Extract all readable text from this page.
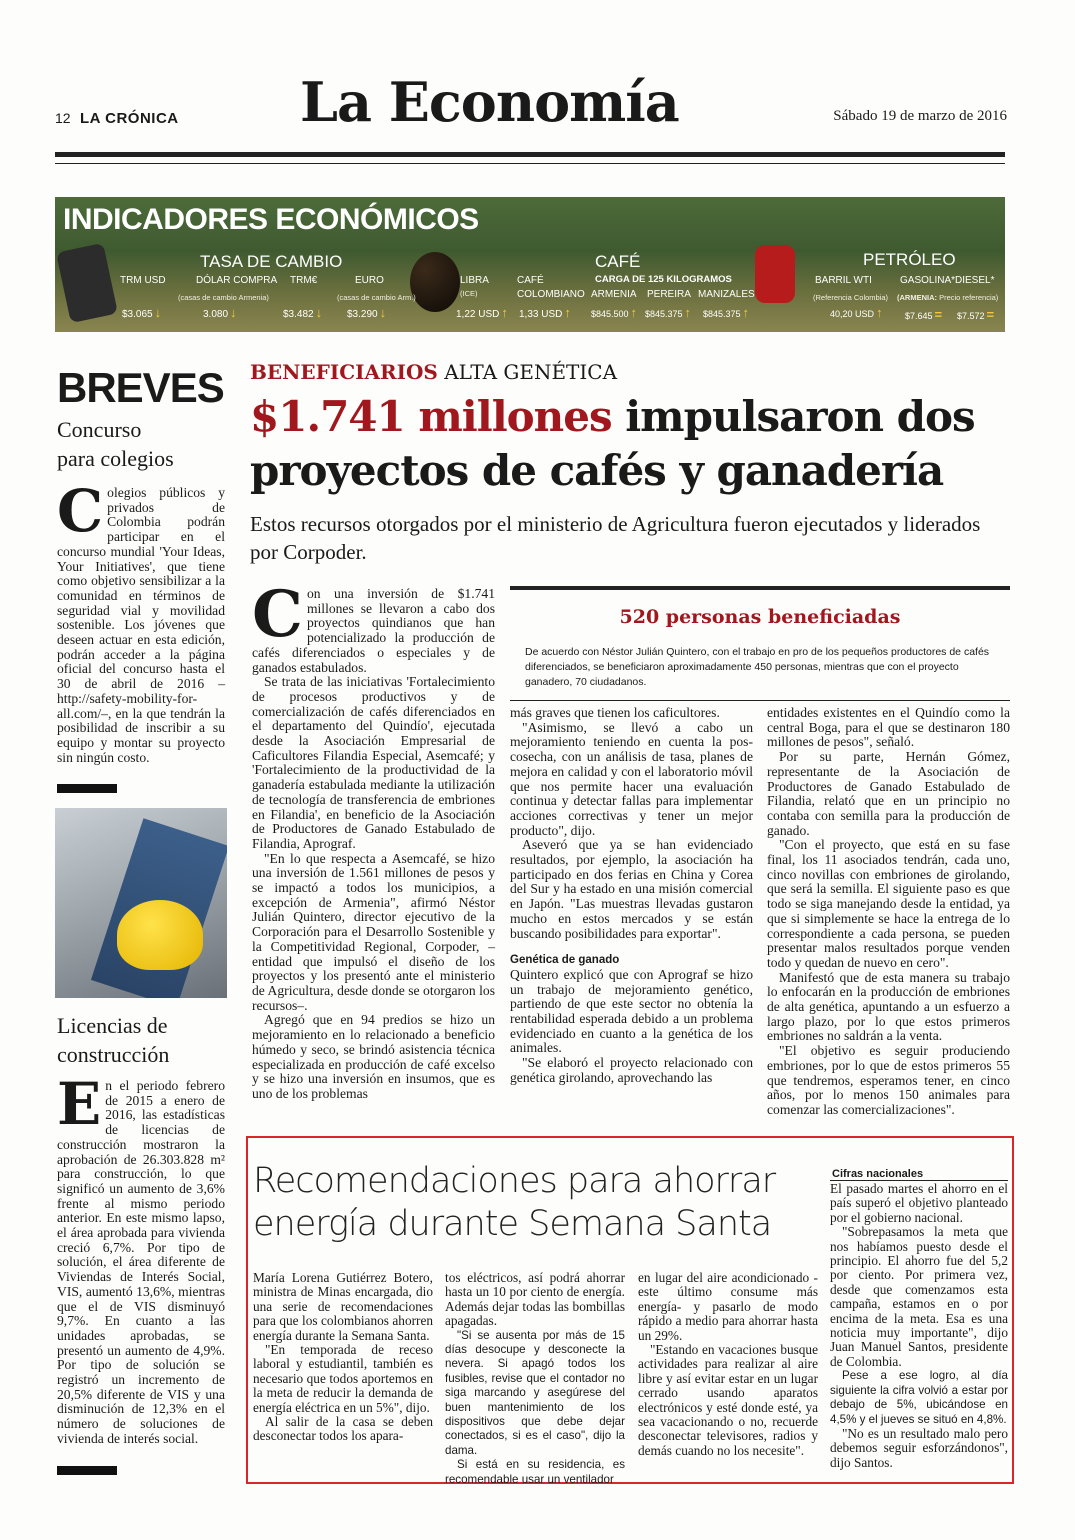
12 LA CRÓNICA La Economía	Sábado 19 de marzo de 2016
INDICADORES ECONÓMICOS
TASA DE CAMBIO	CAFÉ
CARGA DE 125 KILOGRAMOS
PETRÓLEO
TRM USD
$3.065 ↓
DÓLAR COMPRA
(casas de cambio Armenia)
3.080 ↓
TRM€
$3.482 ↓
EURO
(casas de cambio Arm.)
$3.290 ↓
LIBRA
(ICE)
1,22 USD ↑
CAFÉ
COLOMBIANO
1,33 USD ↑
ARMENIA
$845.500 ↑
PEREIRA
$845.375 ↑
MANIZALES
$845.375 ↑
BARRIL WTI
(Referencia Colombia)
40,20 USD ↑
GASOLINA*
$7.645 =
DIESEL*
$7.572 =
(ARMENIA: Precio referencia)
BREVES
Concurso
para colegios
Colegios públicos y privados de Colombia podrán participar en el concurso mundial 'Your Ideas, Your Initiatives', que tiene como objetivo sensibilizar a la comunidad en términos de seguridad vial y movilidad sostenible. Los jóvenes que deseen actuar en esta edición, podrán acceder a la página oficial del concurso hasta el 30 de abril de 2016 –http://safety-mobility-for-all.com/–, en la que tendrán la posibilidad de inscribir a su equipo y montar su proyecto sin ningún costo.
Licencias de
construcción
En el periodo febrero de 2015 a enero de 2016, las estadísticas de licencias de construcción mostraron la aprobación de 26.303.828 m² para construcción, lo que significó un aumento de 3,6% frente al mismo periodo anterior. En este mismo lapso, el área aprobada para vivienda creció 6,7%. Por tipo de solución, el área diferente de Viviendas de Interés Social, VIS, aumentó 13,6%, mientras que el de VIS disminuyó 9,7%. En cuanto a las unidades aprobadas, se presentó un aumento de 4,9%. Por tipo de solución se registró un incremento de 20,5% diferente de VIS y una disminución de 12,3% en el número de soluciones de vivienda de interés social.
BENEFICIARIOS ALTA GENÉTICA
$1.741 millones impulsaron dos proyectos de cafés y ganadería
Estos recursos otorgados por el ministerio de Agricultura fueron ejecutados y liderados por Corpoder.

Con una inversión de $1.741 millones se llevaron a cabo dos proyectos quindianos que han potencializado la producción de cafés diferenciados o especiales y de ganados estabulados.

Se trata de las iniciativas 'Fortalecimiento de procesos productivos y de comercialización de cafés diferenciados en el departamento del Quindío', ejecutada desde la Asociación Empresarial de Caficultores Filandia Especial, Asemcafé; y 'Fortalecimiento de la productividad de la ganadería estabulada mediante la utilización de tecnología de transferencia de embriones en Filandia', en beneficio de la Asociación de Productores de Ganado Estabulado de Filandia, Aprograf.

"En lo que respecta a Asemcafé, se hizo una inversión de 1.561 millones de pesos y se impactó a todos los municipios, a excepción de Armenia", afirmó Néstor Julián Quintero, director ejecutivo de la Corporación para el Desarrollo Sostenible y la Competitividad Regional, Corpoder, –entidad que impulsó el diseño de los proyectos y los presentó ante el ministerio de Agricultura, desde donde se otorgaron los recursos–.

Agregó que en 94 predios se hizo un mejoramiento en lo relacionado a beneficio húmedo y seco, se brindó asistencia técnica especializada en producción de café excelso y se hizo una inversión en insumos, que es uno de los problemas

520 personas beneficiadas
De acuerdo con Néstor Julián Quintero, con el trabajo en pro de los pequeños productores de cafés diferenciados, se beneficiaron aproximadamente 450 personas, mientras que con el proyecto ganadero, 70 ciudadanos.

más graves que tienen los caficultores.

"Asimismo, se llevó a cabo un mejoramiento teniendo en cuenta la pos-cosecha, con un análisis de tasa, planes de mejora en calidad y con el laboratorio móvil que nos permite hacer una evaluación continua y detectar fallas para implementar acciones correctivas y tener un mejor producto", dijo.

Aseveró que ya se han evidenciado resultados, por ejemplo, la asociación ha participado en dos ferias en China y Corea del Sur y ha estado en una misión comercial en Japón. "Las muestras llevadas gustaron mucho en estos mercados y se están buscando posibilidades para exportar".

Genética de ganado

Quintero explicó que con Aprograf se hizo un trabajo de mejoramiento genético, partiendo de que este sector no obtenía la rentabilidad esperada debido a un problema evidenciado en cuanto a la genética de los animales.

"Se elaboró el proyecto relacionado con genética girolando, aprovechando las

entidades existentes en el Quindío como la central Boga, para el que se destinaron 180 millones de pesos", señaló.

Por su parte, Hernán Gómez, representante de la Asociación de Productores de Ganado Estabulado de Filandia, relató que en un principio no contaba con semilla para la producción de ganado.

"Con el proyecto, que está en su fase final, los 11 asociados tendrán, cada uno, cinco novillas con embriones de girolando, que será la semilla. El siguiente paso es que todo se siga manejando desde la entidad, ya que si simplemente se hace la entrega de lo correspondiente a cada persona, se pueden presentar malos resultados porque venden todo y quedan de nuevo en cero".

Manifestó que de esta manera su trabajo lo enfocarán en la producción de embriones de alta genética, apuntando a un esfuerzo a largo plazo, por lo que estos primeros embriones no saldrán a la venta.

"El objetivo es seguir produciendo embriones, por lo que de estos primeros 55 que tendremos, esperamos tener, en cinco años, por lo menos 150 animales para comenzar las comercializaciones".

Recomendaciones para ahorrar energía durante Semana Santa

María Lorena Gutiérrez Botero, ministra de Minas encargada, dio una serie de recomendaciones para que los colombianos ahorren energía durante la Semana Santa.

"En temporada de receso laboral y estudiantil, también es necesario que todos aportemos en la meta de reducir la demanda de energía eléctrica en un 5%", dijo.

Al salir de la casa se deben desconectar todos los apara-

tos eléctricos, así podrá ahorrar hasta un 10 por ciento de energía. Además dejar todas las bombillas apagadas.

"Si se ausenta por más de 15 días desocupe y desconecte la nevera. Si apagó todos los fusibles, revise que el contador no siga marcando y asegúrese del buen mantenimiento de los dispositivos que debe dejar conectados, si es el caso", dijo la dama.

Si está en su residencia, es recomendable usar un ventilador

en lugar del aire acondicionado -este último consume más energía- y pasarlo de modo rápido a medio para ahorrar hasta un 29%.

"Estando en vacaciones busque actividades para realizar al aire libre y así evitar estar en un lugar cerrado usando aparatos electrónicos y esté donde esté, ya sea vacacionando o no, recuerde desconectar televisores, radios y demás cuando no los necesite".

Cifras nacionales

El pasado martes el ahorro en el país superó el objetivo planteado por el gobierno nacional.

"Sobrepasamos la meta que nos habíamos puesto desde el principio. El ahorro fue del 5,2 por ciento. Por primera vez, desde que comenzamos esta campaña, estamos en o por encima de la meta. Esa es una noticia muy importante", dijo Juan Manuel Santos, presidente de Colombia.

Pese a ese logro, al día siguiente la cifra volvió a estar por debajo de 5%, ubicándose en 4,5% y el jueves se situó en 4,8%.

"No es un resultado malo pero debemos seguir esforzándonos", dijo Santos.
